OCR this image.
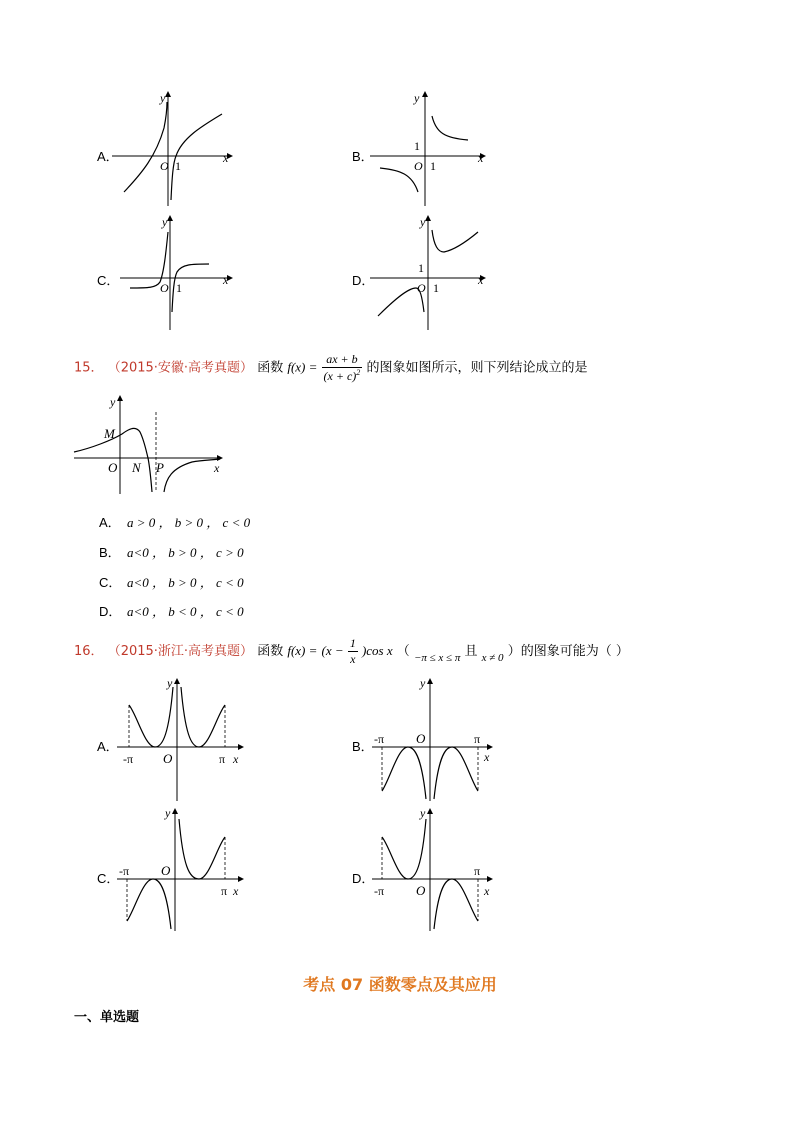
A．
O 1
x
y
B．
O 1
1
x
y
C．	O 1
x
y
D．	O 1
1
x
y
15． （2015·安徽·高考真题） 函数 $f(x) = \frac{ax + b}{(x + c)^2}$ 的图象如图所示，则下列结论成立的是
y
M
O N P	x
A． a > 0 ， b > 0 ， c < 0
B． a<0 ， b > 0 ， c > 0
C． a<0 ， b > 0 ， c < 0
D． a<0 ， b < 0 ， c < 0
16． （2015·浙江·高考真题） 函数 $f(x) = (x - \frac{1}{x} )\cos$ x （ $_{-\pi \le x \le \pi}$ 且 $_{x \ne 0}$ ）的图象可能为（ ）
A．
-π	π
O	x
y
B． -π	π
O
x
y
C． -π
π
O
x
y
D．
-π
π
O	x
y
考点 07 函数零点及其应用
一、单选题
